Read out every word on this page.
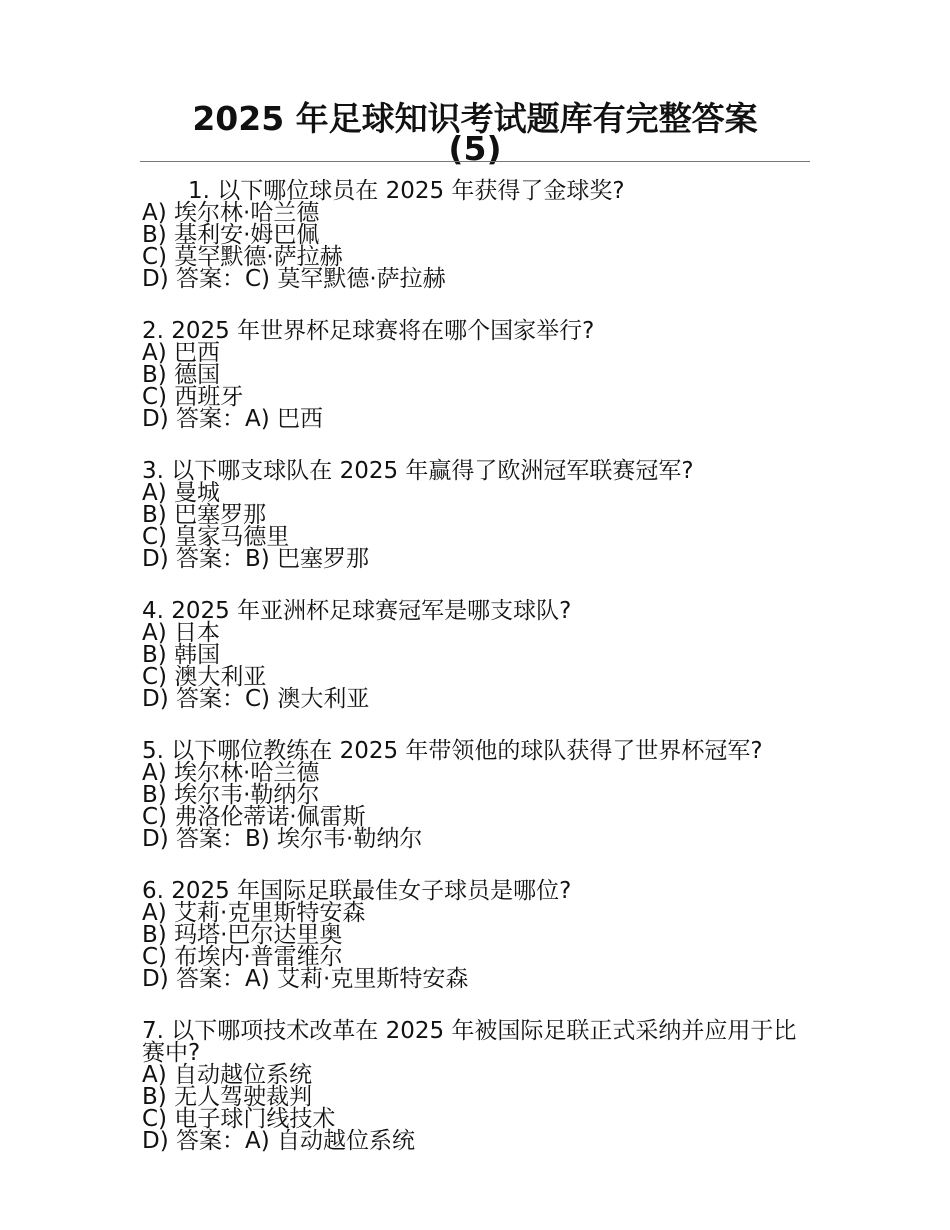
2025 年足球知识考试题库有完整答案
(5)
1. 以下哪位球员在 2025 年获得了金球奖?
A) 埃尔林·哈兰德
B) 基利安·姆巴佩
C) 莫罕默德·萨拉赫
D) 答案：C) 莫罕默德·萨拉赫
2. 2025 年世界杯足球赛将在哪个国家举行?
A) 巴西
B) 德国
C) 西班牙
D) 答案：A) 巴西
3. 以下哪支球队在 2025 年赢得了欧洲冠军联赛冠军?
A) 曼城
B) 巴塞罗那
C) 皇家马德里
D) 答案：B) 巴塞罗那
4. 2025 年亚洲杯足球赛冠军是哪支球队?
A) 日本
B) 韩国
C) 澳大利亚
D) 答案：C) 澳大利亚
5. 以下哪位教练在 2025 年带领他的球队获得了世界杯冠军?
A) 埃尔林·哈兰德
B) 埃尔韦·勒纳尔
C) 弗洛伦蒂诺·佩雷斯
D) 答案：B) 埃尔韦·勒纳尔
6. 2025 年国际足联最佳女子球员是哪位?
A) 艾莉·克里斯特安森
B) 玛塔·巴尔达里奥
C) 布埃内·普雷维尔
D) 答案：A) 艾莉·克里斯特安森
7. 以下哪项技术改革在 2025 年被国际足联正式采纳并应用于比赛中?
A) 自动越位系统
B) 无人驾驶裁判
C) 电子球门线技术
D) 答案：A) 自动越位系统
